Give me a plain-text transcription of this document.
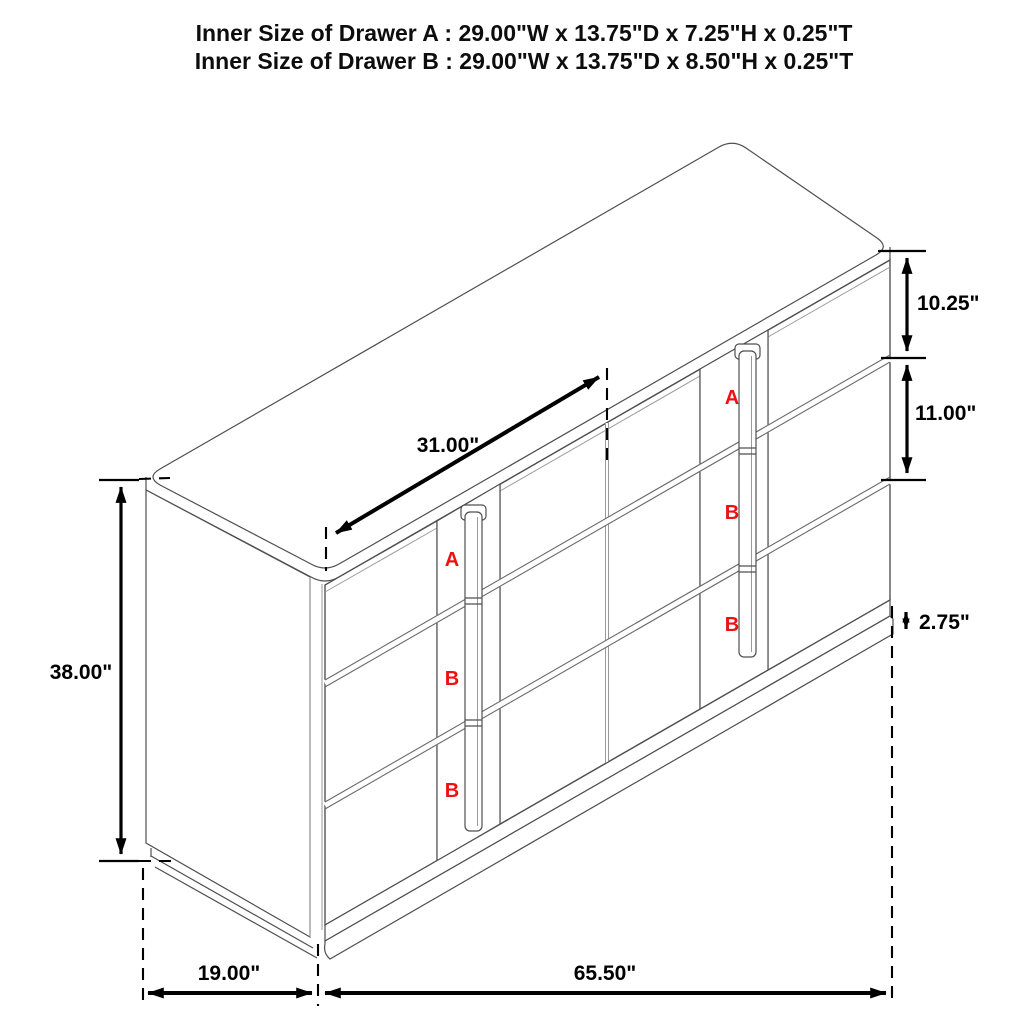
A
B
B
A
B
B
38.00"
10.25"
11.00"
2.75"
31.00"
19.00"	65.50"
Inner Size of Drawer A : 29.00"W x 13.75"D x 7.25"H x 0.25"T
Inner Size of Drawer B : 29.00"W x 13.75"D x 8.50"H x 0.25"T
